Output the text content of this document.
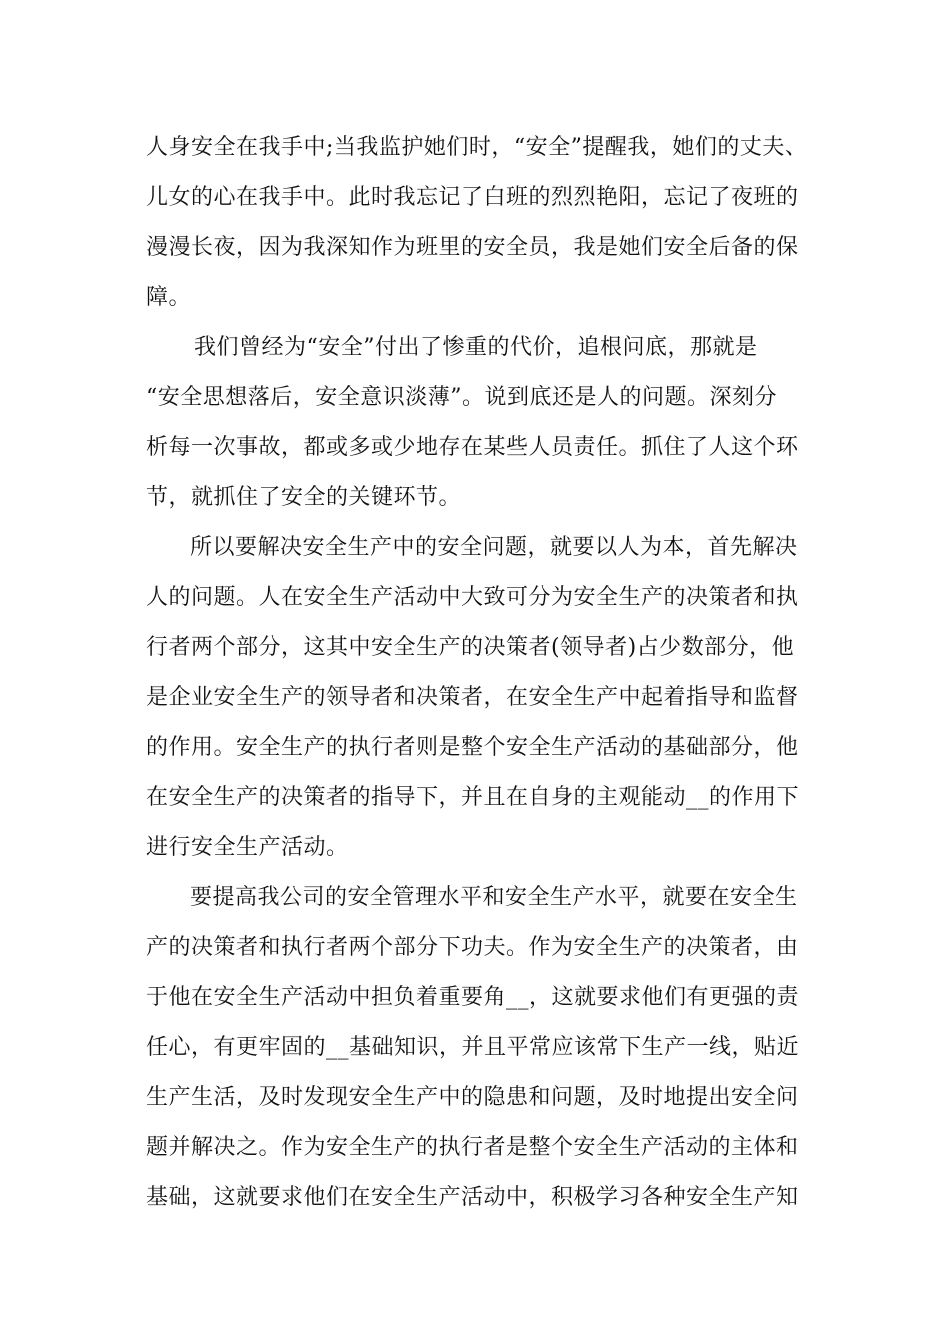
人身安全在我手中;当我监护她们时，“安全”提醒我，她们的丈夫、
儿女的心在我手中。此时我忘记了白班的烈烈艳阳，忘记了夜班的
漫漫长夜，因为我深知作为班里的安全员，我是她们安全后备的保
障。
我们曾经为“安全”付出了惨重的代价，追根问底，那就是
“安全思想落后，安全意识淡薄”。说到底还是人的问题。深刻分
析每一次事故，都或多或少地存在某些人员责任。抓住了人这个环
节，就抓住了安全的关键环节。
所以要解决安全生产中的安全问题，就要以人为本，首先解决
人的问题。人在安全生产活动中大致可分为安全生产的决策者和执
行者两个部分，这其中安全生产的决策者(领导者)占少数部分，他
是企业安全生产的领导者和决策者，在安全生产中起着指导和监督
的作用。安全生产的执行者则是整个安全生产活动的基础部分，他
在安全生产的决策者的指导下，并且在自身的主观能动__的作用下
进行安全生产活动。
要提高我公司的安全管理水平和安全生产水平，就要在安全生
产的决策者和执行者两个部分下功夫。作为安全生产的决策者，由
于他在安全生产活动中担负着重要角__，这就要求他们有更强的责
任心，有更牢固的__基础知识，并且平常应该常下生产一线，贴近
生产生活，及时发现安全生产中的隐患和问题，及时地提出安全问
题并解决之。作为安全生产的执行者是整个安全生产活动的主体和
基础，这就要求他们在安全生产活动中，积极学习各种安全生产知
